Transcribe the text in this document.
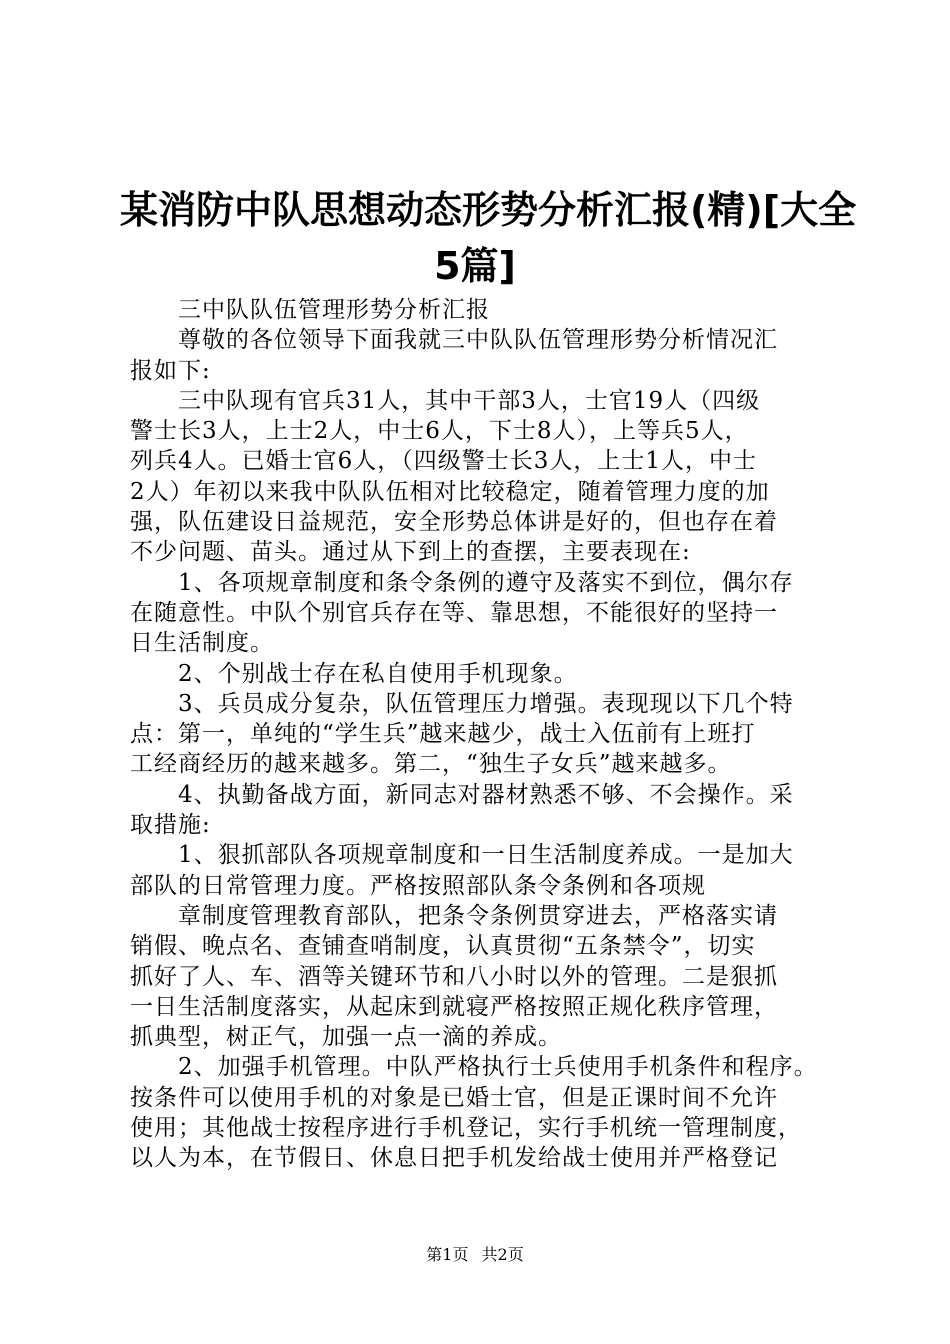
某消防中队思想动态形势分析汇报(精)[大全
5篇]
　　三中队队伍管理形势分析汇报
　　尊敬的各位领导下面我就三中队队伍管理形势分析情况汇
报如下:
　　三中队现有官兵31人，其中干部3人，士官19人（四级
警士长3人，上士2人，中士6人，下士8人），上等兵5人，
列兵4人。已婚士官6人，（四级警士长3人，上士1人，中士
2人）年初以来我中队队伍相对比较稳定，随着管理力度的加
强，队伍建设日益规范，安全形势总体讲是好的，但也存在着
不少问题、苗头。通过从下到上的查摆，主要表现在:
　　1、各项规章制度和条令条例的遵守及落实不到位，偶尔存
在随意性。中队个别官兵存在等、靠思想，不能很好的坚持一
日生活制度。
　　2、个别战士存在私自使用手机现象。
　　3、兵员成分复杂，队伍管理压力增强。表现现以下几个特
点：第一，单纯的“学生兵”越来越少，战士入伍前有上班打
工经商经历的越来越多。第二，“独生子女兵”越来越多。
　　4、执勤备战方面，新同志对器材熟悉不够、不会操作。采
取措施:
　　1、狠抓部队各项规章制度和一日生活制度养成。一是加大
部队的日常管理力度。严格按照部队条令条例和各项规
　　章制度管理教育部队，把条令条例贯穿进去，严格落实请
销假、晚点名、查铺查哨制度，认真贯彻“五条禁令”，切实
抓好了人、车、酒等关键环节和八小时以外的管理。二是狠抓
一日生活制度落实，从起床到就寝严格按照正规化秩序管理，
抓典型，树正气，加强一点一滴的养成。
　　2、加强手机管理。中队严格执行士兵使用手机条件和程序。
按条件可以使用手机的对象是已婚士官，但是正课时间不允许
使用；其他战士按程序进行手机登记，实行手机统一管理制度，
以人为本，在节假日、休息日把手机发给战士使用并严格登记
第1页 共2页
